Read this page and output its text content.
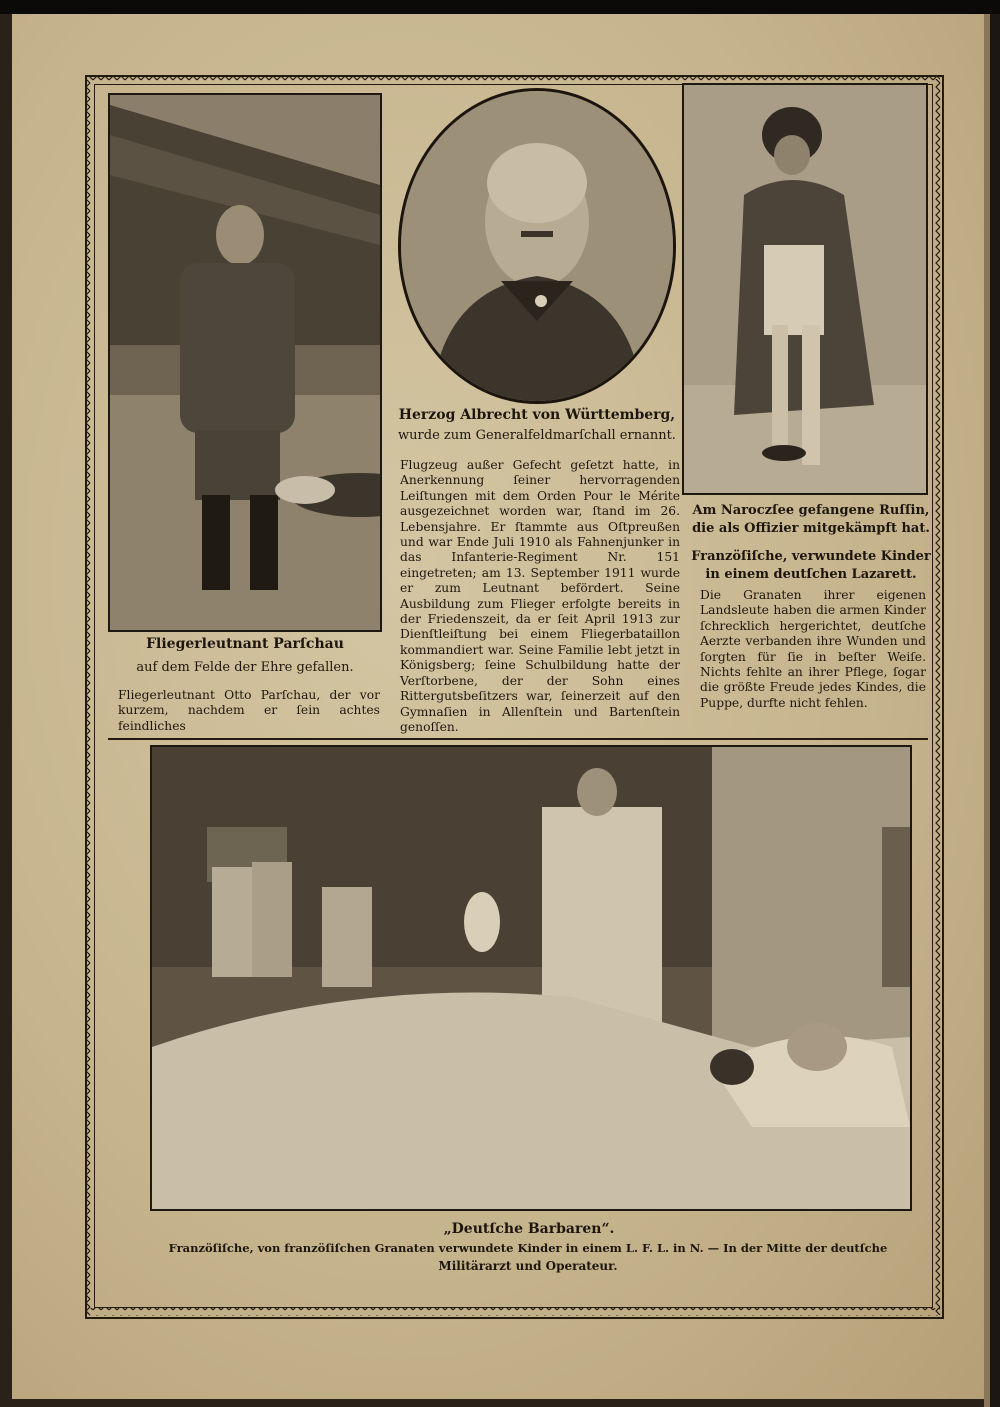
Fliegerleutnant Parſchau
auf dem Felde der Ehre gefallen.
Fliegerleutnant Otto Parſchau, der vor kurzem, nachdem er ſein achtes feindliches
Herzog Albrecht von Württemberg,
wurde zum Generalfeldmarſchall ernannt.
Flugzeug außer Gefecht geſetzt hatte, in Anerkennung ſeiner hervorragenden Leiſtungen mit dem Orden Pour le Mérite ausgezeichnet worden war, ſtand im 26. Lebensjahre. Er ſtammte aus Oſtpreußen und war Ende Juli 1910 als Fahnenjunker in das Infanterie-Regiment Nr. 151 eingetreten; am 13. September 1911 wurde er zum Leutnant befördert. Seine Ausbildung zum Flieger erfolgte bereits in der Friedenszeit, da er ſeit April 1913 zur Dienſtleiſtung bei einem Fliegerbataillon kommandiert war. Seine Familie lebt jetzt in Königsberg; ſeine Schulbildung hatte der Verſtorbene, der der Sohn eines Rittergutsbeſitzers war, ſeinerzeit auf den Gymnaſien in Allenſtein und Bartenſtein genoſſen.
Am Naroczſee gefangene Ruſſin,
die als Offizier mitgekämpft hat.
Franzöſiſche, verwundete Kinder
in einem deutſchen Lazarett.
Die Granaten ihrer eigenen Landsleute haben die armen Kinder ſchrecklich hergerichtet, deutſche Aerzte verbanden ihre Wunden und ſorgten für ſie in beſter Weiſe. Nichts fehlte an ihrer Pflege, ſogar die größte Freude jedes Kindes, die Puppe, durfte nicht fehlen.
„Deutſche Barbaren“.
Franzöſiſche, von franzöſiſchen Granaten verwundete Kinder in einem L. F. L. in N. — In der Mitte der deutſche
Militärarzt und Operateur.
